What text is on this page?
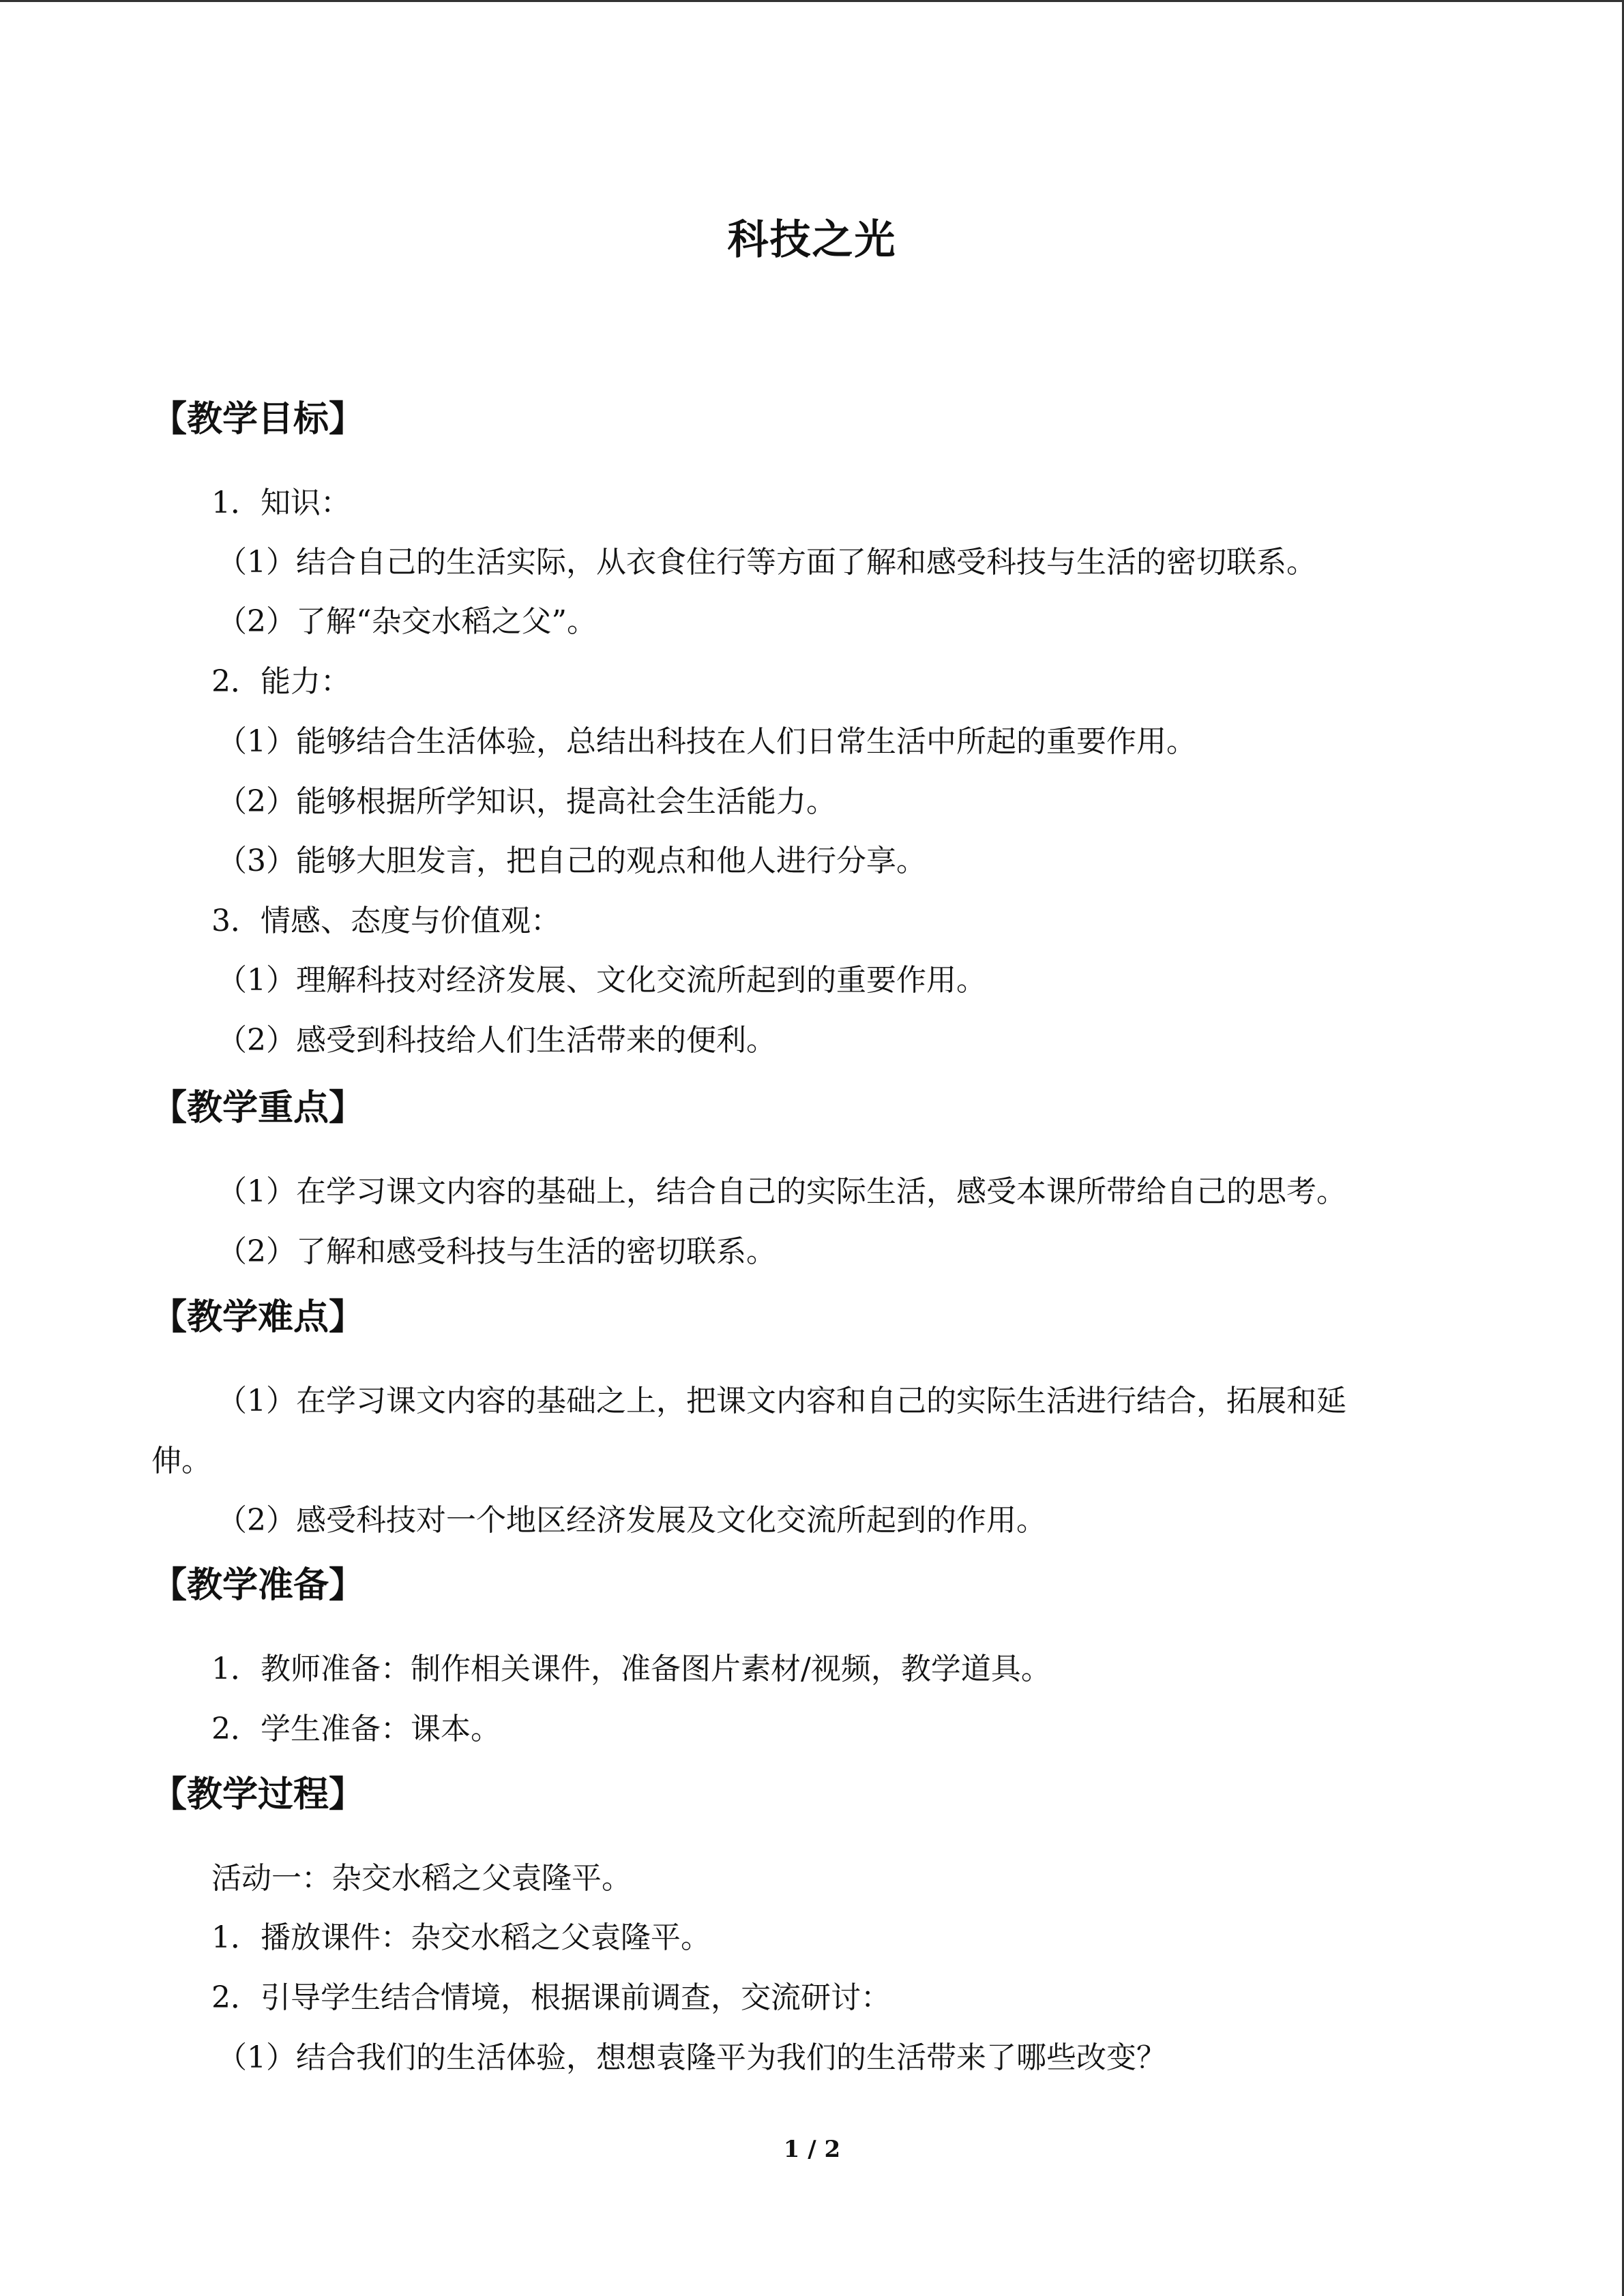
科技之光
【教学目标】
1．知识：
（1）结合自己的生活实际，从衣食住行等方面了解和感受科技与生活的密切联系。
（2）了解“杂交水稻之父”。
2．能力：
（1）能够结合生活体验，总结出科技在人们日常生活中所起的重要作用。
（2）能够根据所学知识，提高社会生活能力。
（3）能够大胆发言，把自己的观点和他人进行分享。
3．情感、态度与价值观：
（1）理解科技对经济发展、文化交流所起到的重要作用。
（2）感受到科技给人们生活带来的便利。
【教学重点】
（1）在学习课文内容的基础上，结合自己的实际生活，感受本课所带给自己的思考。
（2）了解和感受科技与生活的密切联系。
【教学难点】
（1）在学习课文内容的基础之上，把课文内容和自己的实际生活进行结合，拓展和延
伸。
（2）感受科技对一个地区经济发展及文化交流所起到的作用。
【教学准备】
1．教师准备：制作相关课件，准备图片素材/视频，教学道具。
2．学生准备：课本。
【教学过程】
活动一：杂交水稻之父袁隆平。
1．播放课件：杂交水稻之父袁隆平。
2．引导学生结合情境，根据课前调查，交流研讨：
（1）结合我们的生活体验，想想袁隆平为我们的生活带来了哪些改变？
1 / 2
